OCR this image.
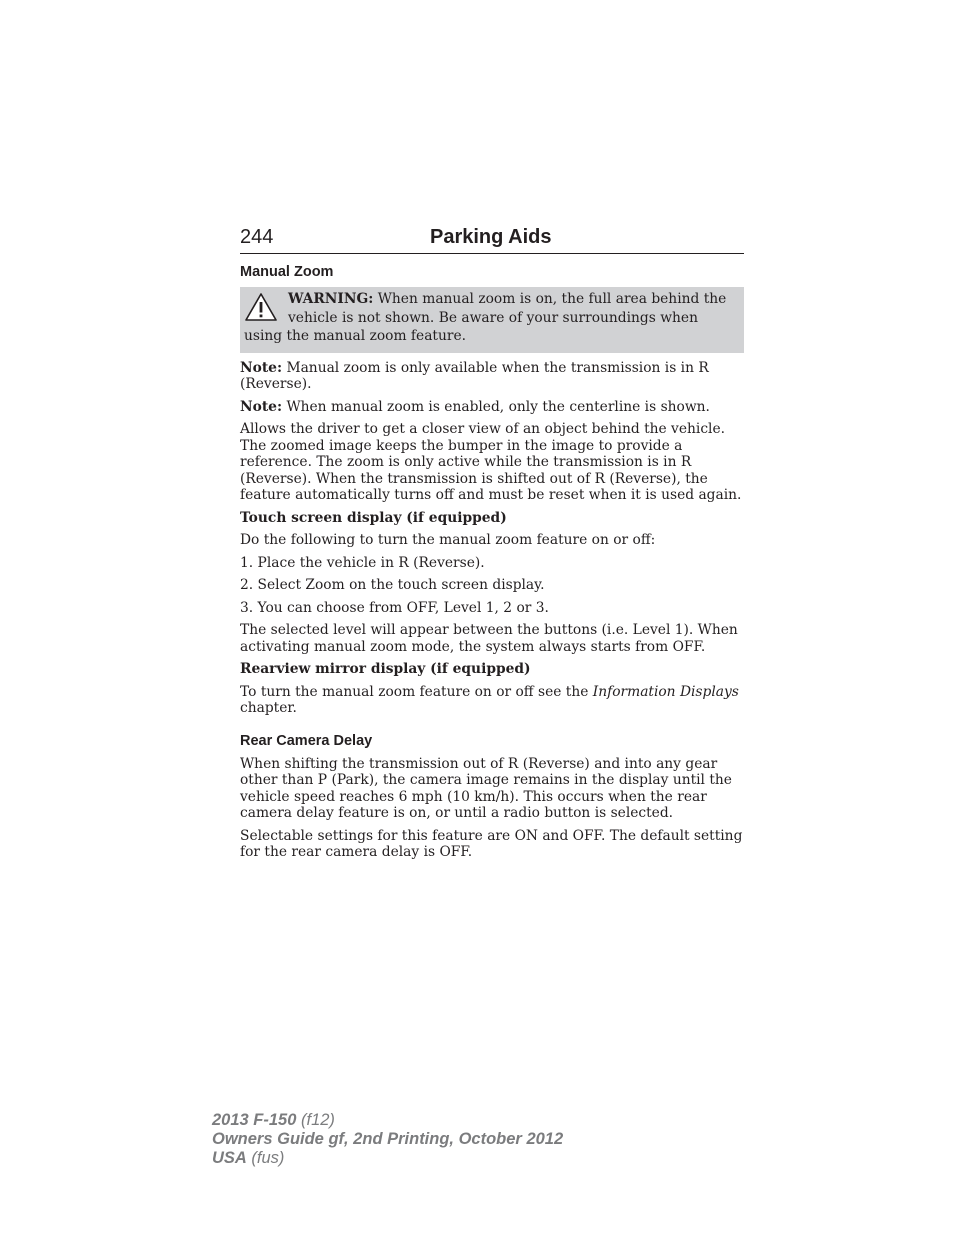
244	Parking Aids
Manual Zoom
WARNING: When manual zoom is on, the full area behind the vehicle is not shown. Be aware of your surroundings when using the manual zoom feature.

Note: Manual zoom is only available when the transmission is in R (Reverse).

Note: When manual zoom is enabled, only the centerline is shown.

Allows the driver to get a closer view of an object behind the vehicle. The zoomed image keeps the bumper in the image to provide a reference. The zoom is only active while the transmission is in R (Reverse). When the transmission is shifted out of R (Reverse), the feature automatically turns off and must be reset when it is used again.

Touch screen display (if equipped)

Do the following to turn the manual zoom feature on or off:

1. Place the vehicle in R (Reverse).

2. Select Zoom on the touch screen display.

3. You can choose from OFF, Level 1, 2 or 3.

The selected level will appear between the buttons (i.e. Level 1). When activating manual zoom mode, the system always starts from OFF.

Rearview mirror display (if equipped)

To turn the manual zoom feature on or off see the Information Displays chapter.

Rear Camera Delay

When shifting the transmission out of R (Reverse) and into any gear other than P (Park), the camera image remains in the display until the vehicle speed reaches 6 mph (10 km/h). This occurs when the rear camera delay feature is on, or until a radio button is selected.

Selectable settings for this feature are ON and OFF. The default setting for the rear camera delay is OFF.

2013 F-150 (f12)
Owners Guide gf, 2nd Printing, October 2012
USA (fus)
